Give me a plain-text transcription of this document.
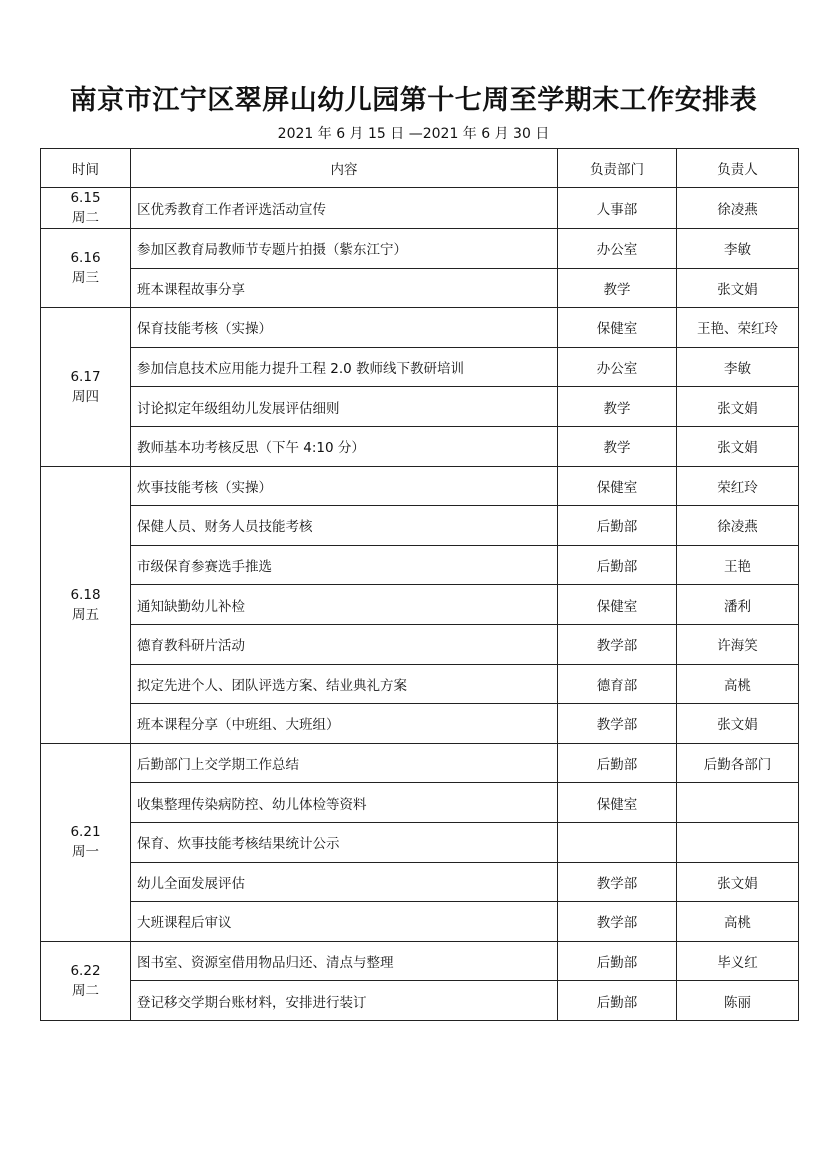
南京市江宁区翠屏山幼儿园第十七周至学期末工作安排表
2021 年 6 月 15 日 —2021 年 6 月 30 日
时间	内容	负责部门	负责人

6.15
周二	区优秀教育工作者评选活动宣传	人事部	徐凌燕

6.16
周三	参加区教育局教师节专题片拍摄（紫东江宁）	办公室	李敏
	班本课程故事分享	教学	张文娟

6.17
周四	保育技能考核（实操）	保健室	王艳、荣红玲
	参加信息技术应用能力提升工程 2.0 教师线下教研培训	办公室	李敏
	讨论拟定年级组幼儿发展评估细则	教学	张文娟
	教师基本功考核反思（下午 4:10 分）	教学	张文娟

6.18
周五	炊事技能考核（实操）	保健室	荣红玲
	保健人员、财务人员技能考核	后勤部	徐凌燕
	市级保育参赛选手推选	后勤部	王艳
	通知缺勤幼儿补检	保健室	潘利
	德育教科研片活动	教学部	许海笑
	拟定先进个人、团队评选方案、结业典礼方案	德育部	高桃
	班本课程分享（中班组、大班组）	教学部	张文娟

6.21
周一	后勤部门上交学期工作总结	后勤部	后勤各部门
	收集整理传染病防控、幼儿体检等资料	保健室	
	保育、炊事技能考核结果统计公示		
	幼儿全面发展评估	教学部	张文娟
	大班课程后审议	教学部	高桃

6.22
周二	图书室、资源室借用物品归还、清点与整理	后勤部	毕义红
	登记移交学期台账材料，安排进行装订	后勤部	陈丽
